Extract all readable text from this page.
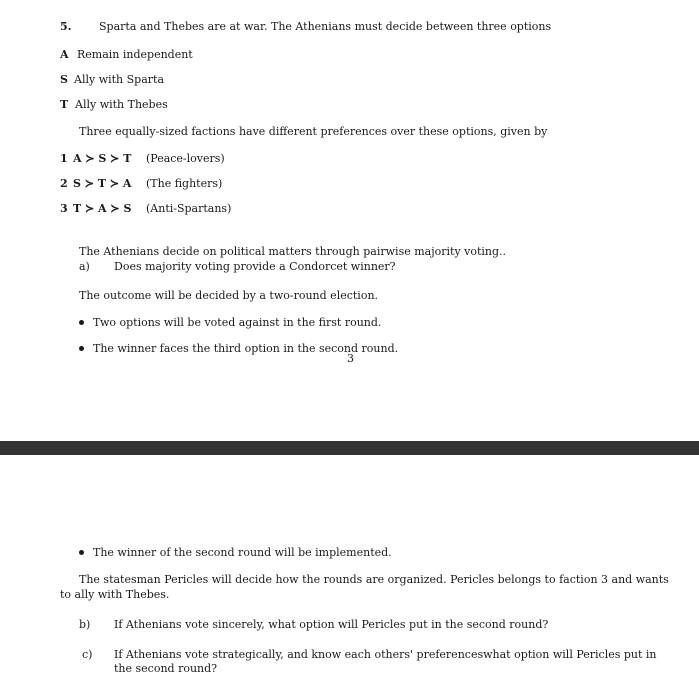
5.	Sparta and Thebes are at war. The Athenians must decide between three options
A Remain independent
S Ally with Sparta
T Ally with Thebes
Three equally-sized factions have different preferences over these options, given by
1 A ≻ S ≻ T (Peace-lovers)
2 S ≻ T ≻ A (The fighters)
3 T ≻ A ≻ S (Anti-Spartans)
The Athenians decide on political matters through pairwise majority voting..
a) Does majority voting provide a Condorcet winner?
The outcome will be decided by a two-round election.
Two options will be voted against in the first round.
The winner faces the third option in the second round.
3
The winner of the second round will be implemented.
The statesman Pericles will decide how the rounds are organized. Pericles belongs to faction 3 and wants
to ally with Thebes.
b) If Athenians vote sincerely, what option will Pericles put in the second round?
c) If Athenians vote strategically, and know each others' preferenceswhat option will Pericles put in
the second round?
